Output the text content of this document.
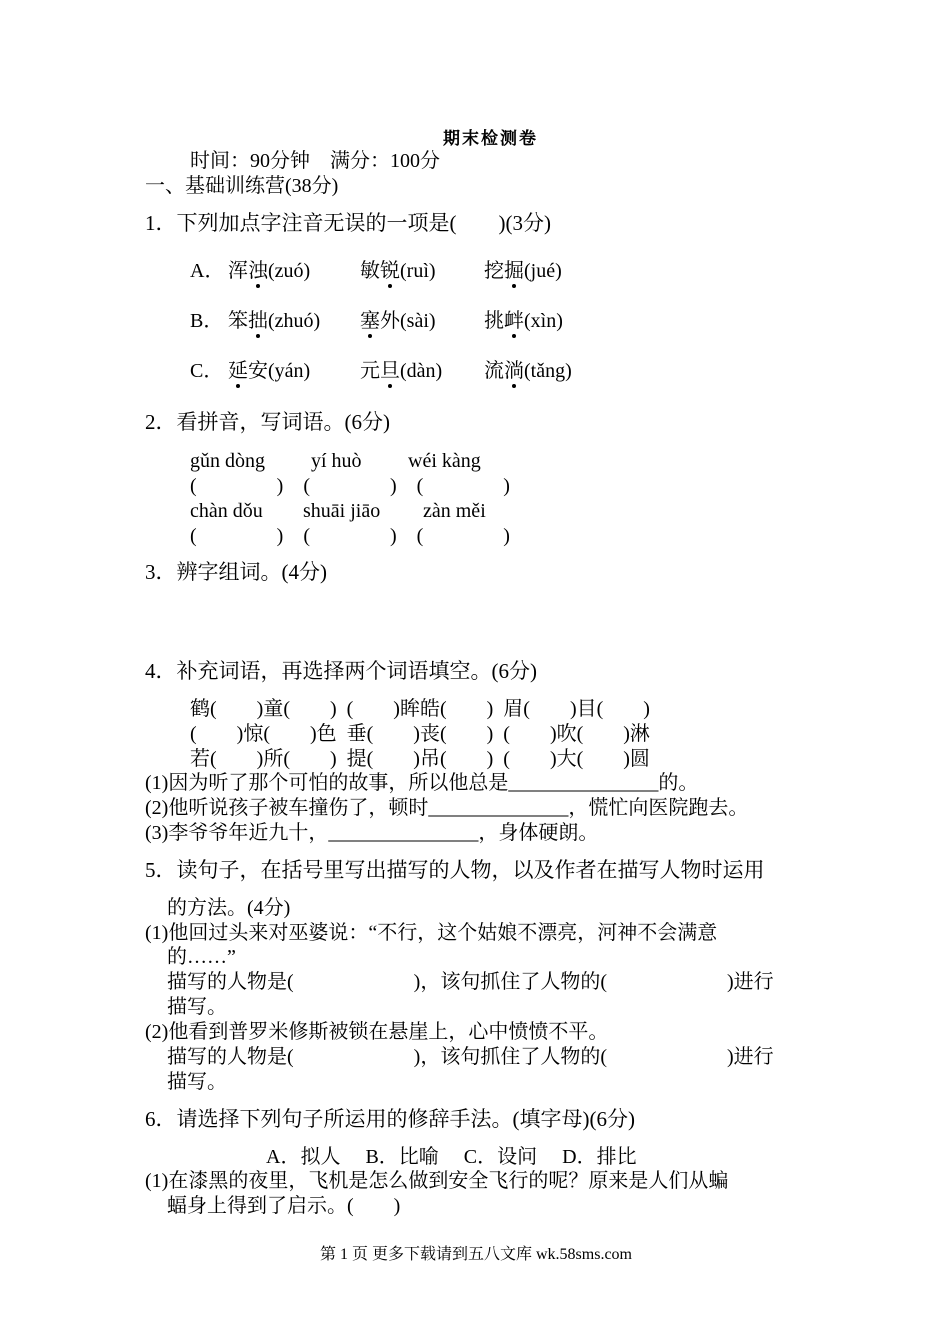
期末检测卷
时间：90分钟　满分：100分
一、基础训练营(38分)
1．下列加点字注音无误的一项是(　　)(3分)
A． 浑浊(zuó) 敏锐(ruì) 挖掘(jué)
B． 笨拙(zhuó) 塞外(sài) 挑衅(xìn)
C． 延安(yán) 元旦(dàn) 流淌(tǎng)
2．看拼音，写词语。(6分)
gǔn dòng yí huò wéi kàng
(　　　　)　(　　　　)　(　　　　)
chàn dǒu shuāi jiāo zàn měi
(　　　　)　(　　　　)　(　　　　)
3．辨字组词。(4分)
4．补充词语，再选择两个词语填空。(6分)
鹤(　　)童(　　)  (　　)眸皓(　　)  眉(　　)目(　　)
(　　)惊(　　)色  垂(　　)丧(　　)  (　　)吹(　　)淋
若(　　)所(　　)  提(　　)吊(　　)  (　　)大(　　)圆
(1)因为听了那个可怕的故事，所以他总是_______________的。
(2)他听说孩子被车撞伤了，顿时______________，慌忙向医院跑去。
(3)李爷爷年近九十，_______________，身体硬朗。
5．读句子，在括号里写出描写的人物，以及作者在描写人物时运用
的方法。(4分)
(1)他回过头来对巫婆说：“不行，这个姑娘不漂亮，河神不会满意
的……”
描写的人物是(　　　　　　)，该句抓住了人物的(　　　　　　)进行
描写。
(2)他看到普罗米修斯被锁在悬崖上，心中愤愤不平。
描写的人物是(　　　　　　)，该句抓住了人物的(　　　　　　)进行
描写。
6．请选择下列句子所运用的修辞手法。(填字母)(6分)
A．拟人　 B．比喻　 C．设问　 D．排比
(1)在漆黑的夜里，飞机是怎么做到安全飞行的呢？原来是人们从蝙
蝠身上得到了启示。(　　)
第 1 页 更多下载请到五八文库 wk.58sms.com
